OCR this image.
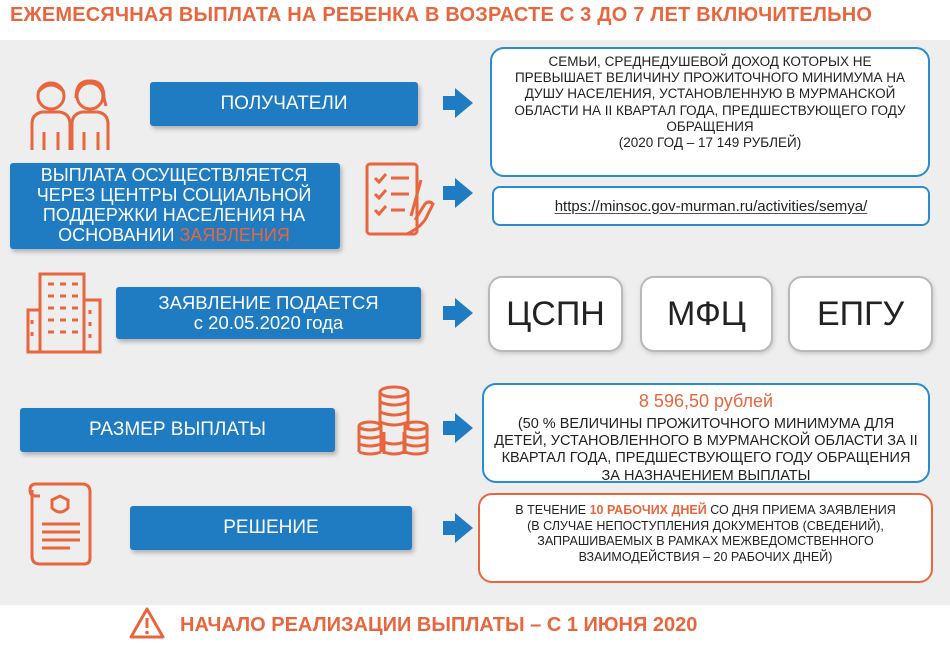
ЕЖЕМЕСЯЧНАЯ ВЫПЛАТА НА РЕБЕНКА В ВОЗРАСТЕ С 3 ДО 7 ЛЕТ ВКЛЮЧИТЕЛЬНО
ПОЛУЧАТЕЛИ
СЕМЬИ, СРЕДНЕДУШЕВОЙ ДОХОД КОТОРЫХ НЕ ПРЕВЫШАЕТ ВЕЛИЧИНУ ПРОЖИТОЧНОГО МИНИМУМА НА ДУШУ НАСЕЛЕНИЯ, УСТАНОВЛЕННУЮ В МУРМАНСКОЙ ОБЛАСТИ НА II КВАРТАЛ ГОДА, ПРЕДШЕСТВУЮЩЕГО ГОДУ ОБРАЩЕНИЯ
(2020 ГОД – 17 149 РУБЛЕЙ)
ВЫПЛАТА ОСУЩЕСТВЛЯЕТСЯ
ЧЕРЕЗ ЦЕНТРЫ СОЦИАЛЬНОЙ
ПОДДЕРЖКИ НАСЕЛЕНИЯ НА
ОСНОВАНИИ ЗАЯВЛЕНИЯ
https://minsoc.gov-murman.ru/activities/semya/
ЗАЯВЛЕНИЕ ПОДАЕТСЯ
с 20.05.2020 года	ЦСПН	МФЦ	ЕПГУ
РАЗМЕР ВЫПЛАТЫ
8 596,50 рублей
(50 % ВЕЛИЧИНЫ ПРОЖИТОЧНОГО МИНИМУМА ДЛЯ ДЕТЕЙ, УСТАНОВЛЕННОГО В МУРМАНСКОЙ ОБЛАСТИ ЗА II КВАРТАЛ ГОДА, ПРЕДШЕСТВУЮЩЕГО ГОДУ ОБРАЩЕНИЯ ЗА НАЗНАЧЕНИЕМ ВЫПЛАТЫ
РЕШЕНИЕ
В ТЕЧЕНИЕ 10 РАБОЧИХ ДНЕЙ СО ДНЯ ПРИЕМА ЗАЯВЛЕНИЯ
(В СЛУЧАЕ НЕПОСТУПЛЕНИЯ ДОКУМЕНТОВ (СВЕДЕНИЙ), ЗАПРАШИВАЕМЫХ В РАМКАХ МЕЖВЕДОМСТВЕННОГО ВЗАИМОДЕЙСТВИЯ – 20 РАБОЧИХ ДНЕЙ)
НАЧАЛО РЕАЛИЗАЦИИ ВЫПЛАТЫ – С 1 ИЮНЯ 2020
